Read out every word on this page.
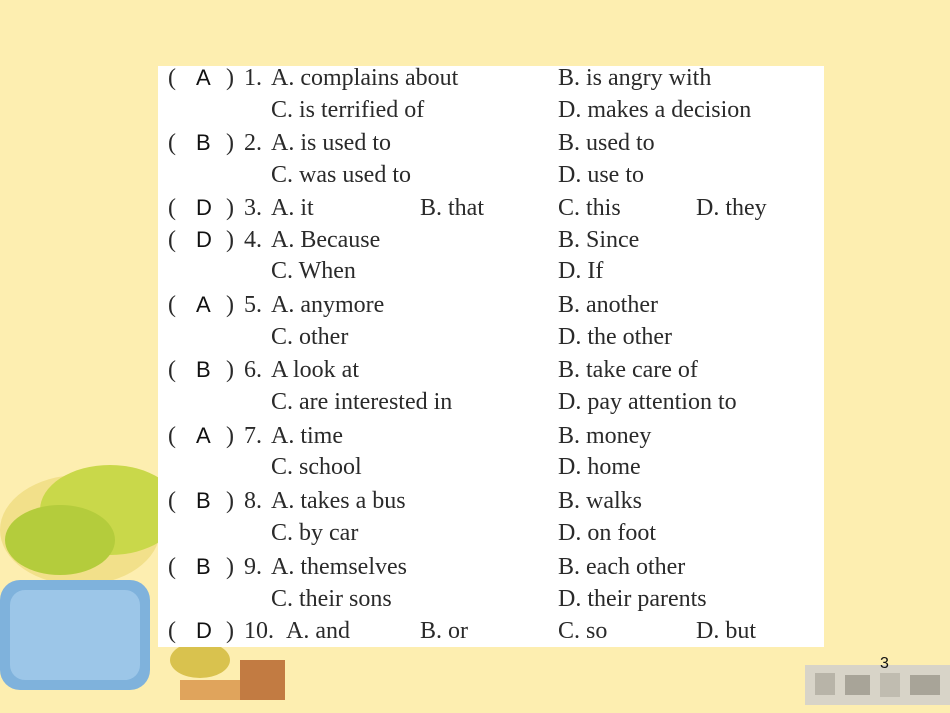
( A ) 1. A. complains about	B. is angry with
C. is terrified of	D. makes a decision
( B ) 2. A. is used to	B. used to
C. was used to	D. use to
( D ) 3. A. it	B. that	C. this	D. they
( D ) 4. A. Because	B. Since
C. When	D. If
( A ) 5. A. anymore	B. another
C. other	D. the other
( B ) 6. A look at	B. take care of
C. are interested in	D. pay attention to
( A ) 7. A. time	B. money
C. school	D. home
( B ) 8. A. takes a bus	B. walks
C. by car	D. on foot
( B ) 9. A. themselves	B. each other
C. their sons	D. their parents
( D ) 10. A. and	B. or	C. so	D. but
3
